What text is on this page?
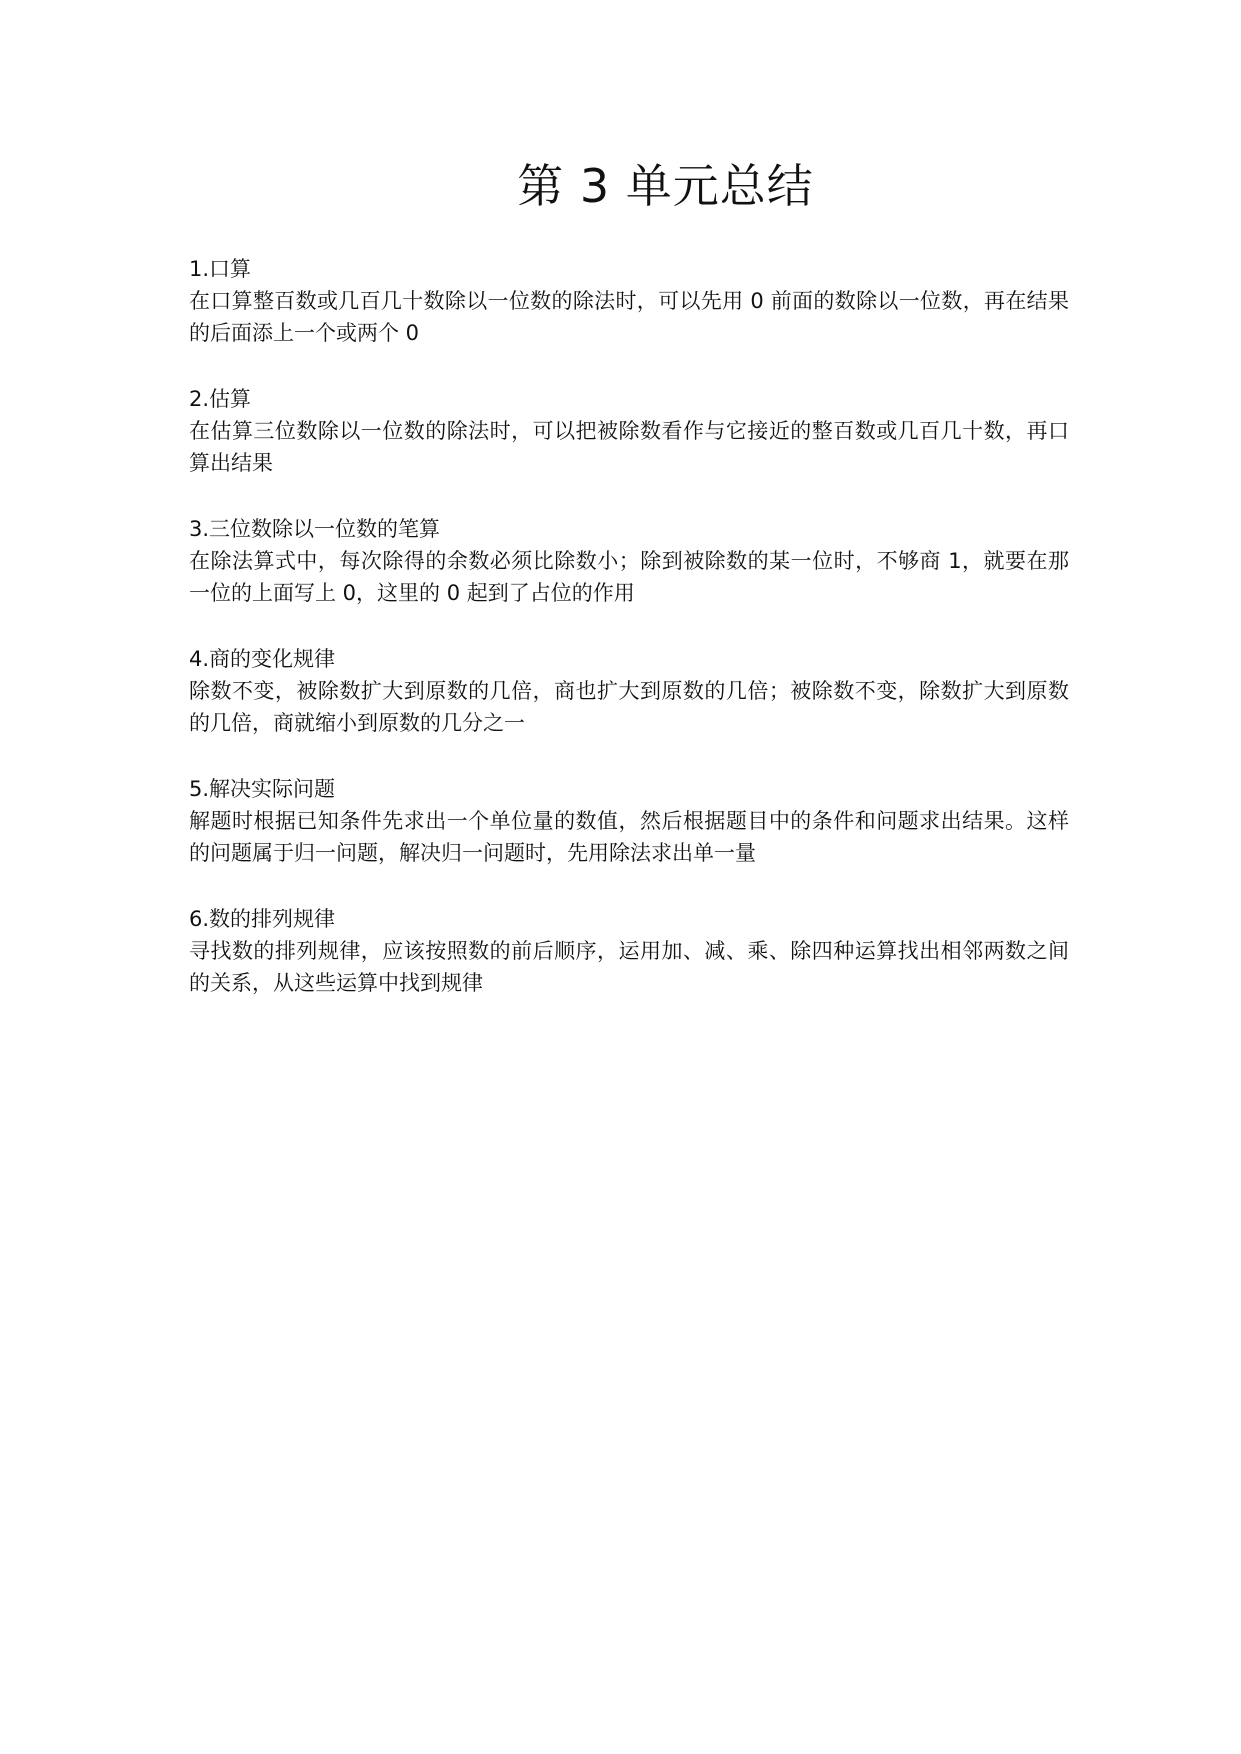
第 3 单元总结

1.口算

在口算整百数或几百几十数除以一位数的除法时，可以先用 0 前面的数除以一位数，再在结果的后面添上一个或两个 0

2.估算

在估算三位数除以一位数的除法时，可以把被除数看作与它接近的整百数或几百几十数，再口算出结果

3.三位数除以一位数的笔算

在除法算式中，每次除得的余数必须比除数小；除到被除数的某一位时，不够商 1，就要在那一位的上面写上 0，这里的 0 起到了占位的作用

4.商的变化规律

除数不变，被除数扩大到原数的几倍，商也扩大到原数的几倍；被除数不变，除数扩大到原数的几倍，商就缩小到原数的几分之一

5.解决实际问题

解题时根据已知条件先求出一个单位量的数值，然后根据题目中的条件和问题求出结果。这样的问题属于归一问题，解决归一问题时，先用除法求出单一量

6.数的排列规律

寻找数的排列规律，应该按照数的前后顺序，运用加、减、乘、除四种运算找出相邻两数之间的关系，从这些运算中找到规律
